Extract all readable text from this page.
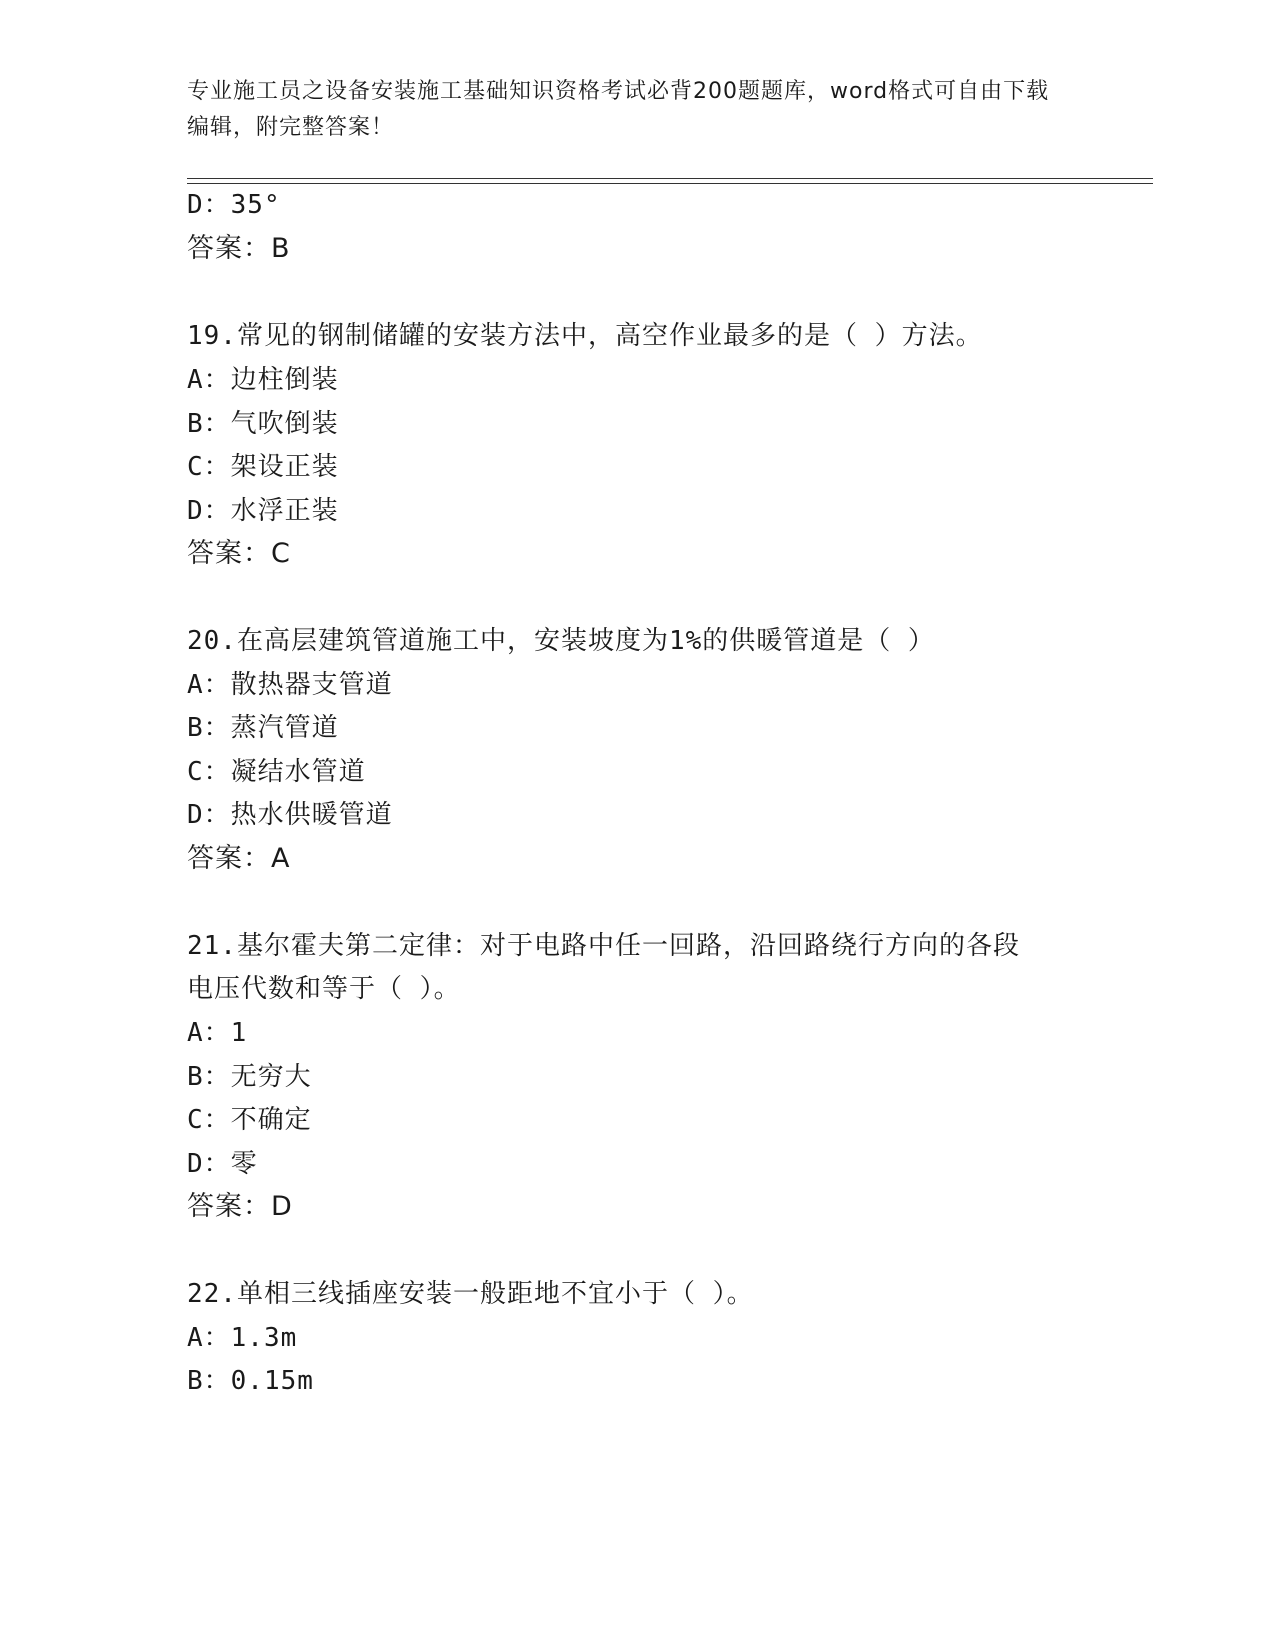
专业施工员之设备安装施工基础知识资格考试必背200题题库，word格式可自由下载编辑，附完整答案！
D：35°
答案：B
19.常见的钢制储罐的安装方法中，高空作业最多的是（ ）方法。
A：边柱倒装
B：气吹倒装
C：架设正装
D：水浮正装
答案：C
20.在高层建筑管道施工中，安装坡度为1%的供暖管道是（ ）
A：散热器支管道
B：蒸汽管道
C：凝结水管道
D：热水供暖管道
答案：A
21.基尔霍夫第二定律：对于电路中任一回路，沿回路绕行方向的各段
电压代数和等于（ ）。
A：1
B：无穷大
C：不确定
D：零
答案：D
22.单相三线插座安装一般距地不宜小于（ ）。
A：1.3m
B：0.15m
